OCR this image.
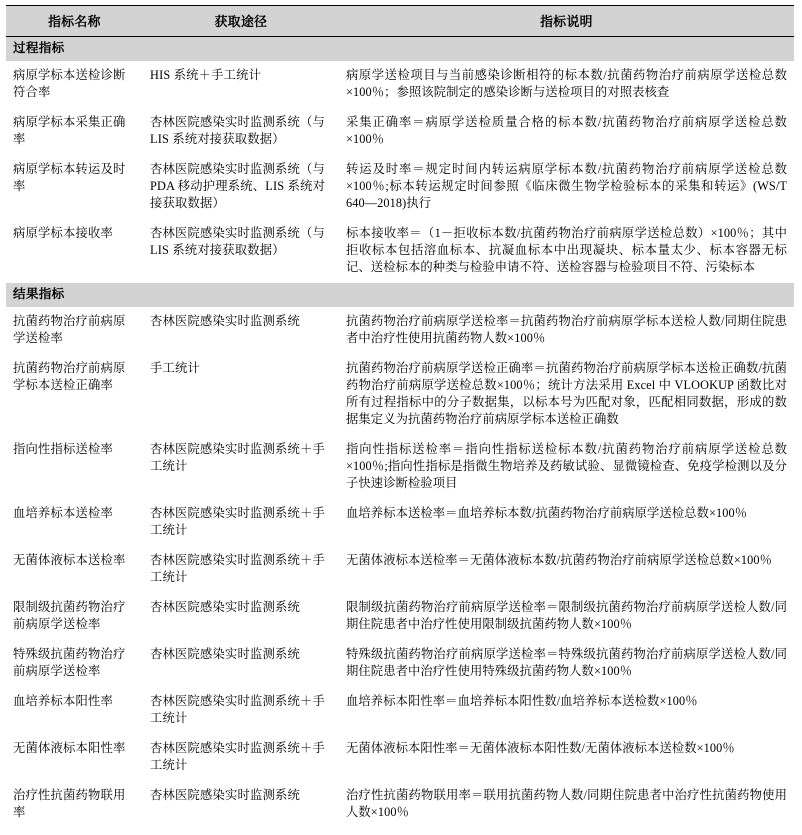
指标名称	获取途径	指标说明
过程指标		
病原学标本送检诊断符合率	HIS 系统＋手工统计	病原学送检项目与当前感染诊断相符的标本数/抗菌药物治疗前病原学送检总数×100％；参照该院制定的感染诊断与送检项目的对照表核查
病原学标本采集正确率	杏林医院感染实时监测系统（与 LIS 系统对接获取数据）	采集正确率＝病原学送检质量合格的标本数/抗菌药物治疗前病原学送检总数×100％
病原学标本转运及时率	杏林医院感染实时监测系统（与 PDA 移动护理系统、LIS 系统对接获取数据）	转运及时率＝规定时间内转运病原学标本数/抗菌药物治疗前病原学送检总数×100％;标本转运规定时间参照《临床微生物学检验标本的采集和转运》(WS/T 640—2018)执行
病原学标本接收率	杏林医院感染实时监测系统（与 LIS 系统对接获取数据）	标本接收率＝（1－拒收标本数/抗菌药物治疗前病原学送检总数）×100％；其中拒收标本包括溶血标本、抗凝血标本中出现凝块、标本量太少、标本容器无标记、送检标本的种类与检验申请不符、送检容器与检验项目不符、污染标本
结果指标		
抗菌药物治疗前病原学送检率	杏林医院感染实时监测系统	抗菌药物治疗前病原学送检率＝抗菌药物治疗前病原学标本送检人数/同期住院患者中治疗性使用抗菌药物人数×100％
抗菌药物治疗前病原学标本送检正确率	手工统计	抗菌药物治疗前病原学送检正确率＝抗菌药物治疗前病原学标本送检正确数/抗菌药物治疗前病原学送检总数×100％；统计方法采用 Excel 中 VLOOKUP 函数比对所有过程指标中的分子数据集，以标本号为匹配对象，匹配相同数据，形成的数据集定义为抗菌药物治疗前病原学标本送检正确数
指向性指标送检率	杏林医院感染实时监测系统＋手工统计	指向性指标送检率＝指向性指标送检标本数/抗菌药物治疗前病原学送检总数×100％;指向性指标是指微生物培养及药敏试验、显微镜检查、免疫学检测以及分子快速诊断检验项目
血培养标本送检率	杏林医院感染实时监测系统＋手工统计	血培养标本送检率＝血培养标本数/抗菌药物治疗前病原学送检总数×100％
无菌体液标本送检率	杏林医院感染实时监测系统＋手工统计	无菌体液标本送检率＝无菌体液标本数/抗菌药物治疗前病原学送检总数×100％
限制级抗菌药物治疗前病原学送检率	杏林医院感染实时监测系统	限制级抗菌药物治疗前病原学送检率＝限制级抗菌药物治疗前病原学送检人数/同期住院患者中治疗性使用限制级抗菌药物人数×100％
特殊级抗菌药物治疗前病原学送检率	杏林医院感染实时监测系统	特殊级抗菌药物治疗前病原学送检率＝特殊级抗菌药物治疗前病原学送检人数/同期住院患者中治疗性使用特殊级抗菌药物人数×100％
血培养标本阳性率	杏林医院感染实时监测系统＋手工统计	血培养标本阳性率＝血培养标本阳性数/血培养标本送检数×100％
无菌体液标本阳性率	杏林医院感染实时监测系统＋手工统计	无菌体液标本阳性率＝无菌体液标本阳性数/无菌体液标本送检数×100％
治疗性抗菌药物联用率	杏林医院感染实时监测系统	治疗性抗菌药物联用率＝联用抗菌药物人数/同期住院患者中治疗性抗菌药物使用人数×100％
